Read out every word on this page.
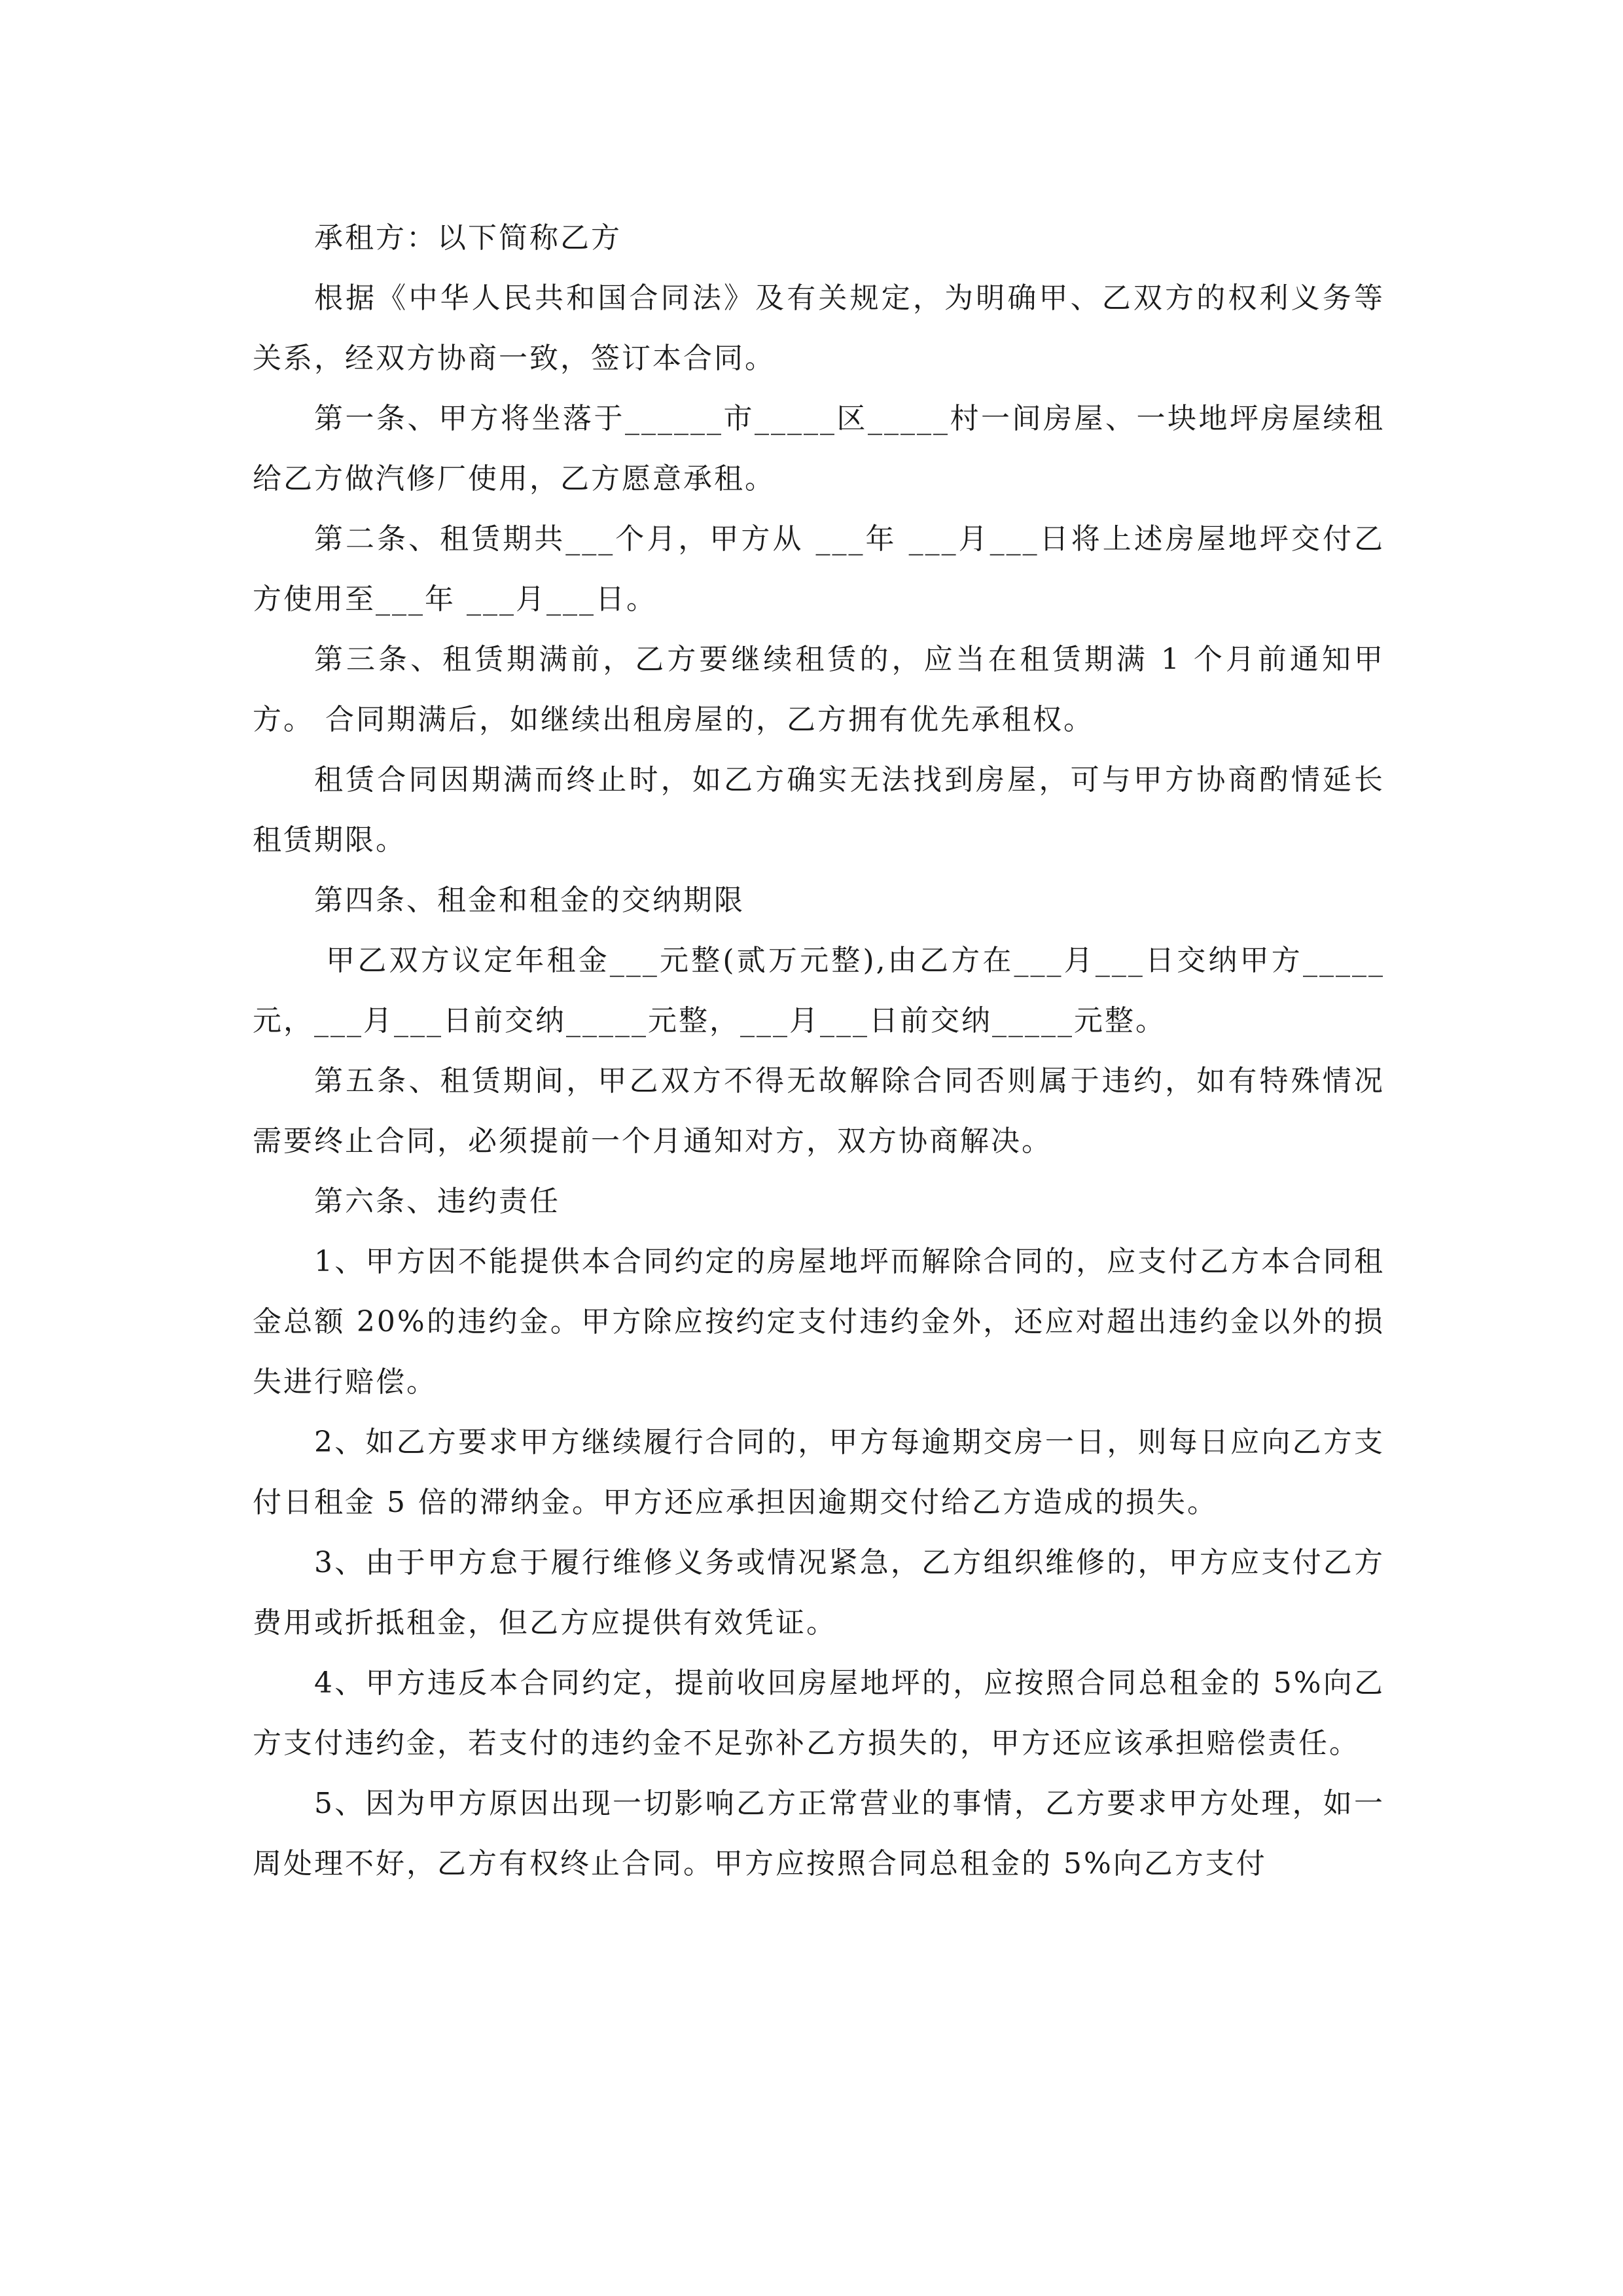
承租方：以下简称乙方

根据《中华人民共和国合同法》及有关规定，为明确甲、乙双方的权利义务等关系，经双方协商一致，签订本合同。

第一条、甲方将坐落于______市_____区_____村一间房屋、一块地坪房屋续租给乙方做汽修厂使用，乙方愿意承租。

第二条、租赁期共___个月，甲方从 ___年 ___月___日将上述房屋地坪交付乙方使用至___年 ___月___日。

第三条、租赁期满前，乙方要继续租赁的，应当在租赁期满 1 个月前通知甲方。 合同期满后，如继续出租房屋的，乙方拥有优先承租权。

租赁合同因期满而终止时，如乙方确实无法找到房屋，可与甲方协商酌情延长租赁期限。

第四条、租金和租金的交纳期限

甲乙双方议定年租金___元整(贰万元整),由乙方在___月___日交纳甲方_____元，___月___日前交纳_____元整，___月___日前交纳_____元整。

第五条、租赁期间，甲乙双方不得无故解除合同否则属于违约，如有特殊情况需要终止合同，必须提前一个月通知对方，双方协商解决。

第六条、违约责任

1、甲方因不能提供本合同约定的房屋地坪而解除合同的，应支付乙方本合同租金总额 20%的违约金。甲方除应按约定支付违约金外，还应对超出违约金以外的损失进行赔偿。

2、如乙方要求甲方继续履行合同的，甲方每逾期交房一日，则每日应向乙方支付日租金 5 倍的滞纳金。甲方还应承担因逾期交付给乙方造成的损失。

3、由于甲方怠于履行维修义务或情况紧急，乙方组织维修的，甲方应支付乙方费用或折抵租金，但乙方应提供有效凭证。

4、甲方违反本合同约定，提前收回房屋地坪的，应按照合同总租金的 5%向乙方支付违约金，若支付的违约金不足弥补乙方损失的，甲方还应该承担赔偿责任。

5、因为甲方原因出现一切影响乙方正常营业的事情，乙方要求甲方处理，如一周处理不好，乙方有权终止合同。甲方应按照合同总租金的 5%向乙方支付
